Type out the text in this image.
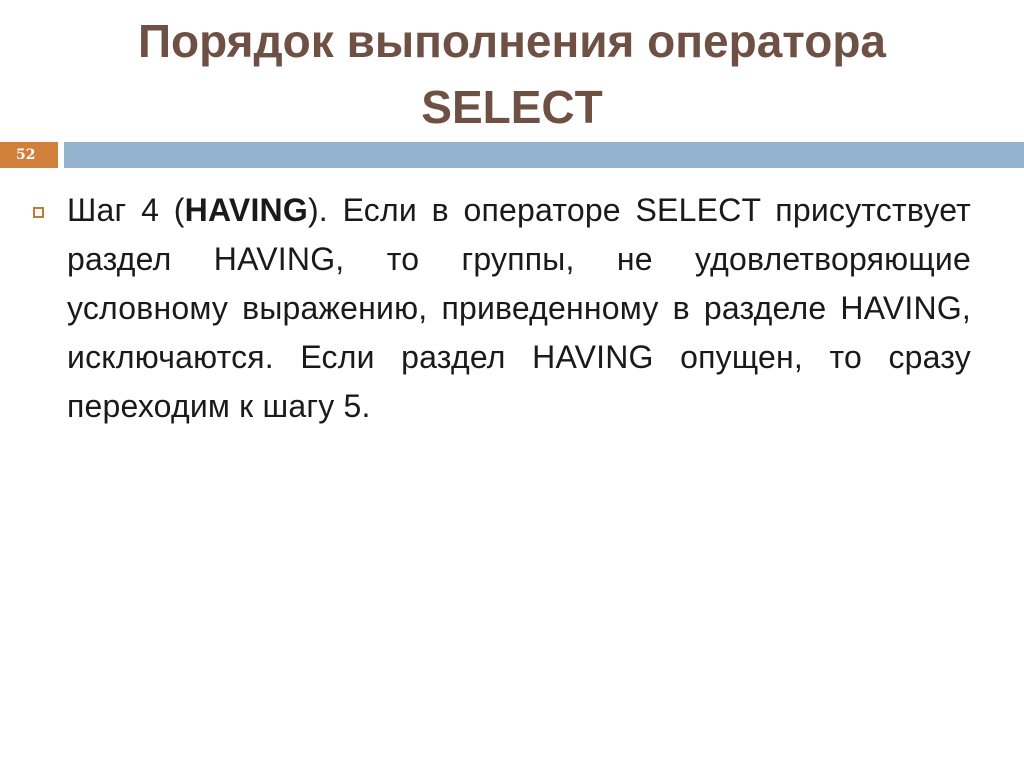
Порядок выполнения оператора SELECT
52

Шаг 4 (HAVING). Если в операторе SELECT присутствует раздел HAVING, то группы, не удовлетворяющие условному выражению, приведенному в разделе HAVING, исключаются. Если раздел HAVING опущен, то сразу переходим к шагу 5.
